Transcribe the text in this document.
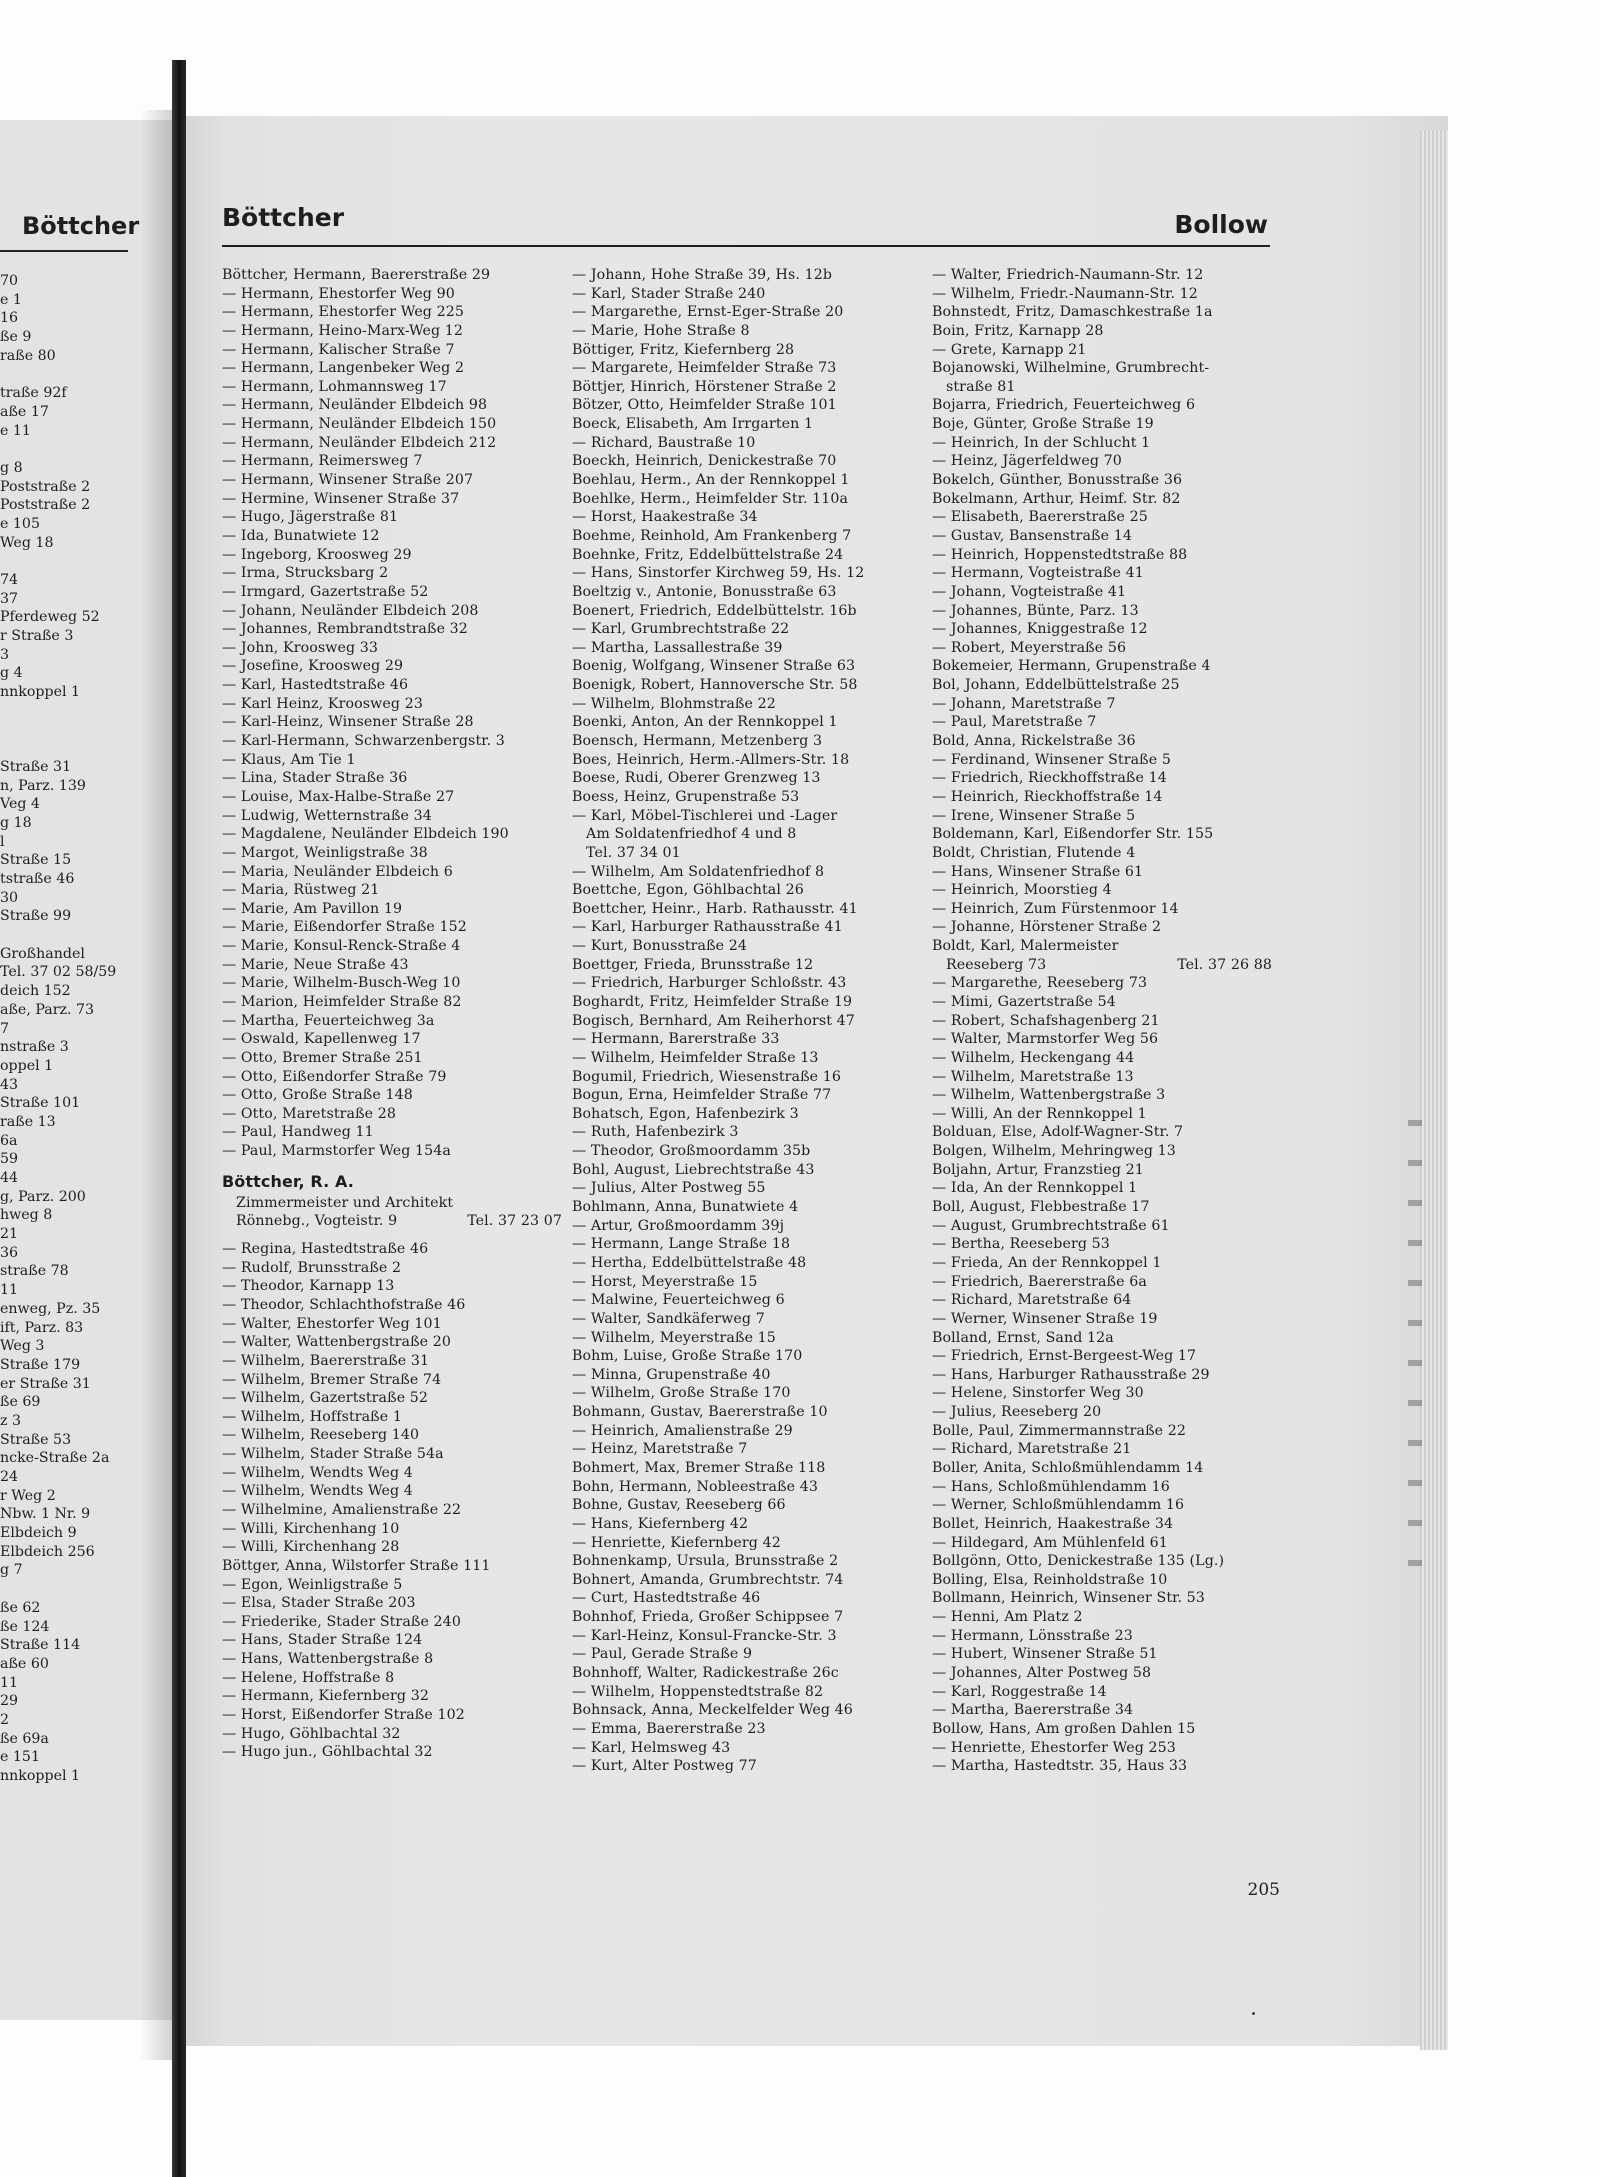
Böttcher
70
e 1
16
ße 9
raße 80
traße 92f
aße 17
e 11
g 8
Poststraße 2
Poststraße 2
e 105
Weg 18
74
37
Pferdeweg 52
r Straße 3
3
g 4
nnkoppel 1
Straße 31
n, Parz. 139
Veg 4
g 18
l
Straße 15
tstraße 46
30
Straße 99
Großhandel
Tel. 37 02 58/59
deich 152
aße, Parz. 73
7
nstraße 3
oppel 1
43
Straße 101
raße 13
6a
59
44
g, Parz. 200
hweg 8
21
36
straße 78
11
enweg, Pz. 35
ift, Parz. 83
Weg 3
Straße 179
er Straße 31
ße 69
z 3
Straße 53
ncke-Straße 2a
24
r Weg 2
Nbw. 1 Nr. 9
Elbdeich 9
Elbdeich 256
g 7
ße 62
ße 124
Straße 114
aße 60
11
29
2
ße 69a
e 151
nnkoppel 1
Böttcher	Bollow
Böttcher, Hermann, Baererstraße 29
— Hermann, Ehestorfer Weg 90
— Hermann, Ehestorfer Weg 225
— Hermann, Heino-Marx-Weg 12
— Hermann, Kalischer Straße 7
— Hermann, Langenbeker Weg 2
— Hermann, Lohmannsweg 17
— Hermann, Neuländer Elbdeich 98
— Hermann, Neuländer Elbdeich 150
— Hermann, Neuländer Elbdeich 212
— Hermann, Reimersweg 7
— Hermann, Winsener Straße 207
— Hermine, Winsener Straße 37
— Hugo, Jägerstraße 81
— Ida, Bunatwiete 12
— Ingeborg, Kroosweg 29
— Irma, Strucksbarg 2
— Irmgard, Gazertstraße 52
— Johann, Neuländer Elbdeich 208
— Johannes, Rembrandtstraße 32
— John, Kroosweg 33
— Josefine, Kroosweg 29
— Karl, Hastedtstraße 46
— Karl Heinz, Kroosweg 23
— Karl-Heinz, Winsener Straße 28
— Karl-Hermann, Schwarzenbergstr. 3
— Klaus, Am Tie 1
— Lina, Stader Straße 36
— Louise, Max-Halbe-Straße 27
— Ludwig, Wetternstraße 34
— Magdalene, Neuländer Elbdeich 190
— Margot, Weinligstraße 38
— Maria, Neuländer Elbdeich 6
— Maria, Rüstweg 21
— Marie, Am Pavillon 19
— Marie, Eißendorfer Straße 152
— Marie, Konsul-Renck-Straße 4
— Marie, Neue Straße 43
— Marie, Wilhelm-Busch-Weg 10
— Marion, Heimfelder Straße 82
— Martha, Feuerteichweg 3a
— Oswald, Kapellenweg 17
— Otto, Bremer Straße 251
— Otto, Eißendorfer Straße 79
— Otto, Große Straße 148
— Otto, Maretstraße 28
— Paul, Handweg 11
— Paul, Marmstorfer Weg 154a
Böttcher, R. A.
Zimmermeister und Architekt
Rönnebg., Vogteistr. 9	Tel. 37 23 07
— Regina, Hastedtstraße 46
— Rudolf, Brunsstraße 2
— Theodor, Karnapp 13
— Theodor, Schlachthofstraße 46
— Walter, Ehestorfer Weg 101
— Walter, Wattenbergstraße 20
— Wilhelm, Baererstraße 31
— Wilhelm, Bremer Straße 74
— Wilhelm, Gazertstraße 52
— Wilhelm, Hoffstraße 1
— Wilhelm, Reeseberg 140
— Wilhelm, Stader Straße 54a
— Wilhelm, Wendts Weg 4
— Wilhelm, Wendts Weg 4
— Wilhelmine, Amalienstraße 22
— Willi, Kirchenhang 10
— Willi, Kirchenhang 28
Böttger, Anna, Wilstorfer Straße 111
— Egon, Weinligstraße 5
— Elsa, Stader Straße 203
— Friederike, Stader Straße 240
— Hans, Stader Straße 124
— Hans, Wattenbergstraße 8
— Helene, Hoffstraße 8
— Hermann, Kiefernberg 32
— Horst, Eißendorfer Straße 102
— Hugo, Göhlbachtal 32
— Hugo jun., Göhlbachtal 32
— Johann, Hohe Straße 39, Hs. 12b
— Karl, Stader Straße 240
— Margarethe, Ernst-Eger-Straße 20
— Marie, Hohe Straße 8
Böttiger, Fritz, Kiefernberg 28
— Margarete, Heimfelder Straße 73
Böttjer, Hinrich, Hörstener Straße 2
Bötzer, Otto, Heimfelder Straße 101
Boeck, Elisabeth, Am Irrgarten 1
— Richard, Baustraße 10
Boeckh, Heinrich, Denickestraße 70
Boehlau, Herm., An der Rennkoppel 1
Boehlke, Herm., Heimfelder Str. 110a
— Horst, Haakestraße 34
Boehme, Reinhold, Am Frankenberg 7
Boehnke, Fritz, Eddelbüttelstraße 24
— Hans, Sinstorfer Kirchweg 59, Hs. 12
Boeltzig v., Antonie, Bonusstraße 63
Boenert, Friedrich, Eddelbüttelstr. 16b
— Karl, Grumbrechtstraße 22
— Martha, Lassallestraße 39
Boenig, Wolfgang, Winsener Straße 63
Boenigk, Robert, Hannoversche Str. 58
— Wilhelm, Blohmstraße 22
Boenki, Anton, An der Rennkoppel 1
Boensch, Hermann, Metzenberg 3
Boes, Heinrich, Herm.-Allmers-Str. 18
Boese, Rudi, Oberer Grenzweg 13
Boess, Heinz, Grupenstraße 53
— Karl, Möbel-Tischlerei und -Lager
Am Soldatenfriedhof 4 und 8
Tel. 37 34 01
— Wilhelm, Am Soldatenfriedhof 8
Boettche, Egon, Göhlbachtal 26
Boettcher, Heinr., Harb. Rathausstr. 41
— Karl, Harburger Rathausstraße 41
— Kurt, Bonusstraße 24
Boettger, Frieda, Brunsstraße 12
— Friedrich, Harburger Schloßstr. 43
Boghardt, Fritz, Heimfelder Straße 19
Bogisch, Bernhard, Am Reiherhorst 47
— Hermann, Barerstraße 33
— Wilhelm, Heimfelder Straße 13
Bogumil, Friedrich, Wiesenstraße 16
Bogun, Erna, Heimfelder Straße 77
Bohatsch, Egon, Hafenbezirk 3
— Ruth, Hafenbezirk 3
— Theodor, Großmoordamm 35b
Bohl, August, Liebrechtstraße 43
— Julius, Alter Postweg 55
Bohlmann, Anna, Bunatwiete 4
— Artur, Großmoordamm 39j
— Hermann, Lange Straße 18
— Hertha, Eddelbüttelstraße 48
— Horst, Meyerstraße 15
— Malwine, Feuerteichweg 6
— Walter, Sandkäferweg 7
— Wilhelm, Meyerstraße 15
Bohm, Luise, Große Straße 170
— Minna, Grupenstraße 40
— Wilhelm, Große Straße 170
Bohmann, Gustav, Baererstraße 10
— Heinrich, Amalienstraße 29
— Heinz, Maretstraße 7
Bohmert, Max, Bremer Straße 118
Bohn, Hermann, Nobleestraße 43
Bohne, Gustav, Reeseberg 66
— Hans, Kiefernberg 42
— Henriette, Kiefernberg 42
Bohnenkamp, Ursula, Brunsstraße 2
Bohnert, Amanda, Grumbrechtstr. 74
— Curt, Hastedtstraße 46
Bohnhof, Frieda, Großer Schippsee 7
— Karl-Heinz, Konsul-Francke-Str. 3
— Paul, Gerade Straße 9
Bohnhoff, Walter, Radickestraße 26c
— Wilhelm, Hoppenstedtstraße 82
Bohnsack, Anna, Meckelfelder Weg 46
— Emma, Baererstraße 23
— Karl, Helmsweg 43
— Kurt, Alter Postweg 77
— Walter, Friedrich-Naumann-Str. 12
— Wilhelm, Friedr.-Naumann-Str. 12
Bohnstedt, Fritz, Damaschkestraße 1a
Boin, Fritz, Karnapp 28
— Grete, Karnapp 21
Bojanowski, Wilhelmine, Grumbrecht-
straße 81
Bojarra, Friedrich, Feuerteichweg 6
Boje, Günter, Große Straße 19
— Heinrich, In der Schlucht 1
— Heinz, Jägerfeldweg 70
Bokelch, Günther, Bonusstraße 36
Bokelmann, Arthur, Heimf. Str. 82
— Elisabeth, Baererstraße 25
— Gustav, Bansenstraße 14
— Heinrich, Hoppenstedtstraße 88
— Hermann, Vogteistraße 41
— Johann, Vogteistraße 41
— Johannes, Bünte, Parz. 13
— Johannes, Kniggestraße 12
— Robert, Meyerstraße 56
Bokemeier, Hermann, Grupenstraße 4
Bol, Johann, Eddelbüttelstraße 25
— Johann, Maretstraße 7
— Paul, Maretstraße 7
Bold, Anna, Rickelstraße 36
— Ferdinand, Winsener Straße 5
— Friedrich, Rieckhoffstraße 14
— Heinrich, Rieckhoffstraße 14
— Irene, Winsener Straße 5
Boldemann, Karl, Eißendorfer Str. 155
Boldt, Christian, Flutende 4
— Hans, Winsener Straße 61
— Heinrich, Moorstieg 4
— Heinrich, Zum Fürstenmoor 14
— Johanne, Hörstener Straße 2
Boldt, Karl, Malermeister
Reeseberg 73	Tel. 37 26 88
— Margarethe, Reeseberg 73
— Mimi, Gazertstraße 54
— Robert, Schafshagenberg 21
— Walter, Marmstorfer Weg 56
— Wilhelm, Heckengang 44
— Wilhelm, Maretstraße 13
— Wilhelm, Wattenbergstraße 3
— Willi, An der Rennkoppel 1
Bolduan, Else, Adolf-Wagner-Str. 7
Bolgen, Wilhelm, Mehringweg 13
Boljahn, Artur, Franzstieg 21
— Ida, An der Rennkoppel 1
Boll, August, Flebbestraße 17
— August, Grumbrechtstraße 61
— Bertha, Reeseberg 53
— Frieda, An der Rennkoppel 1
— Friedrich, Baererstraße 6a
— Richard, Maretstraße 64
— Werner, Winsener Straße 19
Bolland, Ernst, Sand 12a
— Friedrich, Ernst-Bergeest-Weg 17
— Hans, Harburger Rathausstraße 29
— Helene, Sinstorfer Weg 30
— Julius, Reeseberg 20
Bolle, Paul, Zimmermannstraße 22
— Richard, Maretstraße 21
Boller, Anita, Schloßmühlendamm 14
— Hans, Schloßmühlendamm 16
— Werner, Schloßmühlendamm 16
Bollet, Heinrich, Haakestraße 34
— Hildegard, Am Mühlenfeld 61
Bollgönn, Otto, Denickestraße 135 (Lg.)
Bolling, Elsa, Reinholdstraße 10
Bollmann, Heinrich, Winsener Str. 53
— Henni, Am Platz 2
— Hermann, Lönsstraße 23
— Hubert, Winsener Straße 51
— Johannes, Alter Postweg 58
— Karl, Roggestraße 14
— Martha, Baererstraße 34
Bollow, Hans, Am großen Dahlen 15
— Henriette, Ehestorfer Weg 253
— Martha, Hastedtstr. 35, Haus 33
205
